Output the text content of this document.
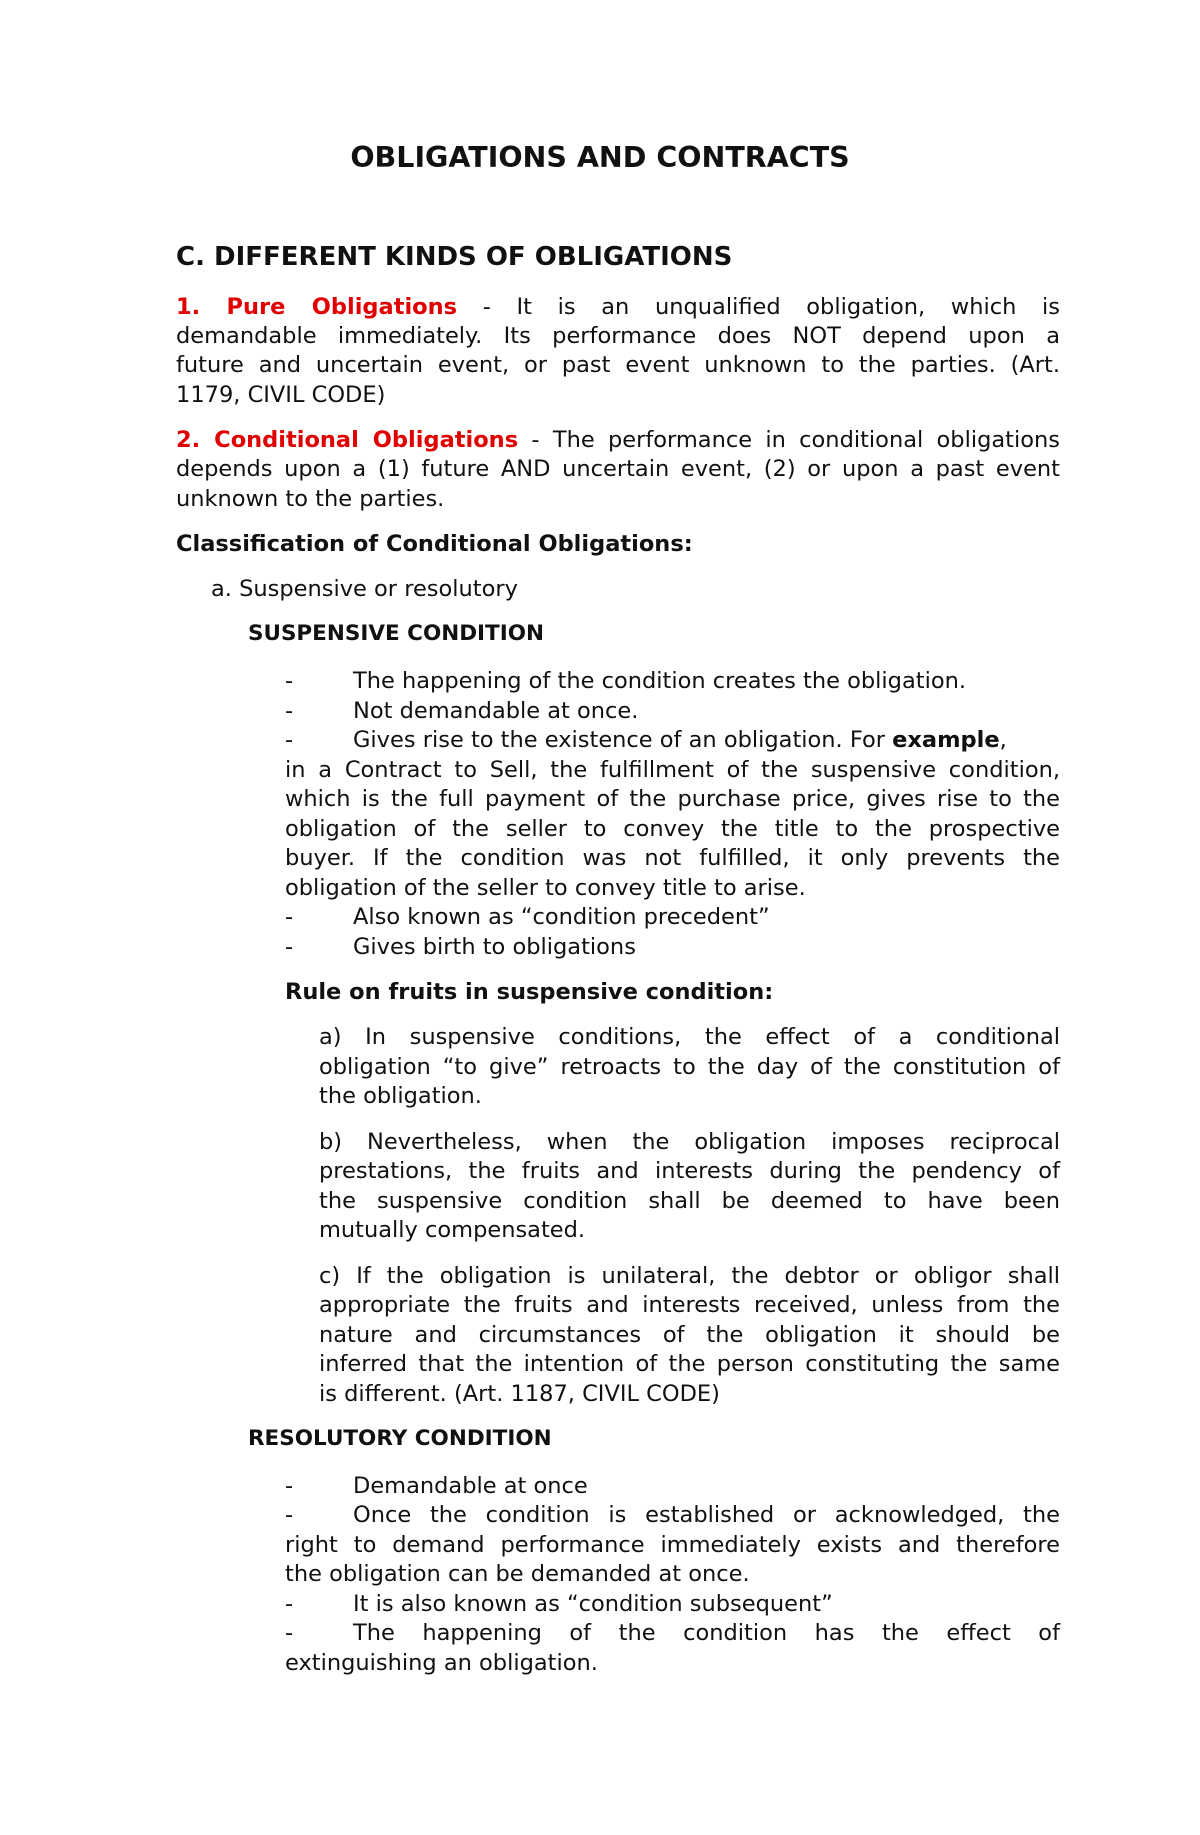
OBLIGATIONS AND CONTRACTS
C. DIFFERENT KINDS OF OBLIGATIONS
1. Pure Obligations - It is an unqualified obligation, which is
demandable immediately. Its performance does NOT depend upon a
future and uncertain event, or past event unknown to the parties. (Art.
1179, CIVIL CODE)
2. Conditional Obligations - The performance in conditional obligations
depends upon a (1) future AND uncertain event, (2) or upon a past event
unknown to the parties.
Classification of Conditional Obligations:
a. Suspensive or resolutory
SUSPENSIVE CONDITION
-	The happening of the condition creates the obligation.
-	Not demandable at once.
-	Gives rise to the existence of an obligation. For example,
in a Contract to Sell, the fulfillment of the suspensive condition,
which is the full payment of the purchase price, gives rise to the
obligation of the seller to convey the title to the prospective
buyer. If the condition was not fulfilled, it only prevents the
obligation of the seller to convey title to arise.
-	Also known as “condition precedent”
-	Gives birth to obligations
Rule on fruits in suspensive condition:
a) In suspensive conditions, the effect of a conditional
obligation “to give” retroacts to the day of the constitution of
the obligation.
b) Nevertheless, when the obligation imposes reciprocal
prestations, the fruits and interests during the pendency of
the suspensive condition shall be deemed to have been
mutually compensated.
c) If the obligation is unilateral, the debtor or obligor shall
appropriate the fruits and interests received, unless from the
nature and circumstances of the obligation it should be
inferred that the intention of the person constituting the same
is different. (Art. 1187, CIVIL CODE)
RESOLUTORY CONDITION
-	Demandable at once
-	Once the condition is established or acknowledged, the
right to demand performance immediately exists and therefore
the obligation can be demanded at once.
-	It is also known as “condition subsequent”
-	The happening of the condition has the effect of
extinguishing an obligation.
